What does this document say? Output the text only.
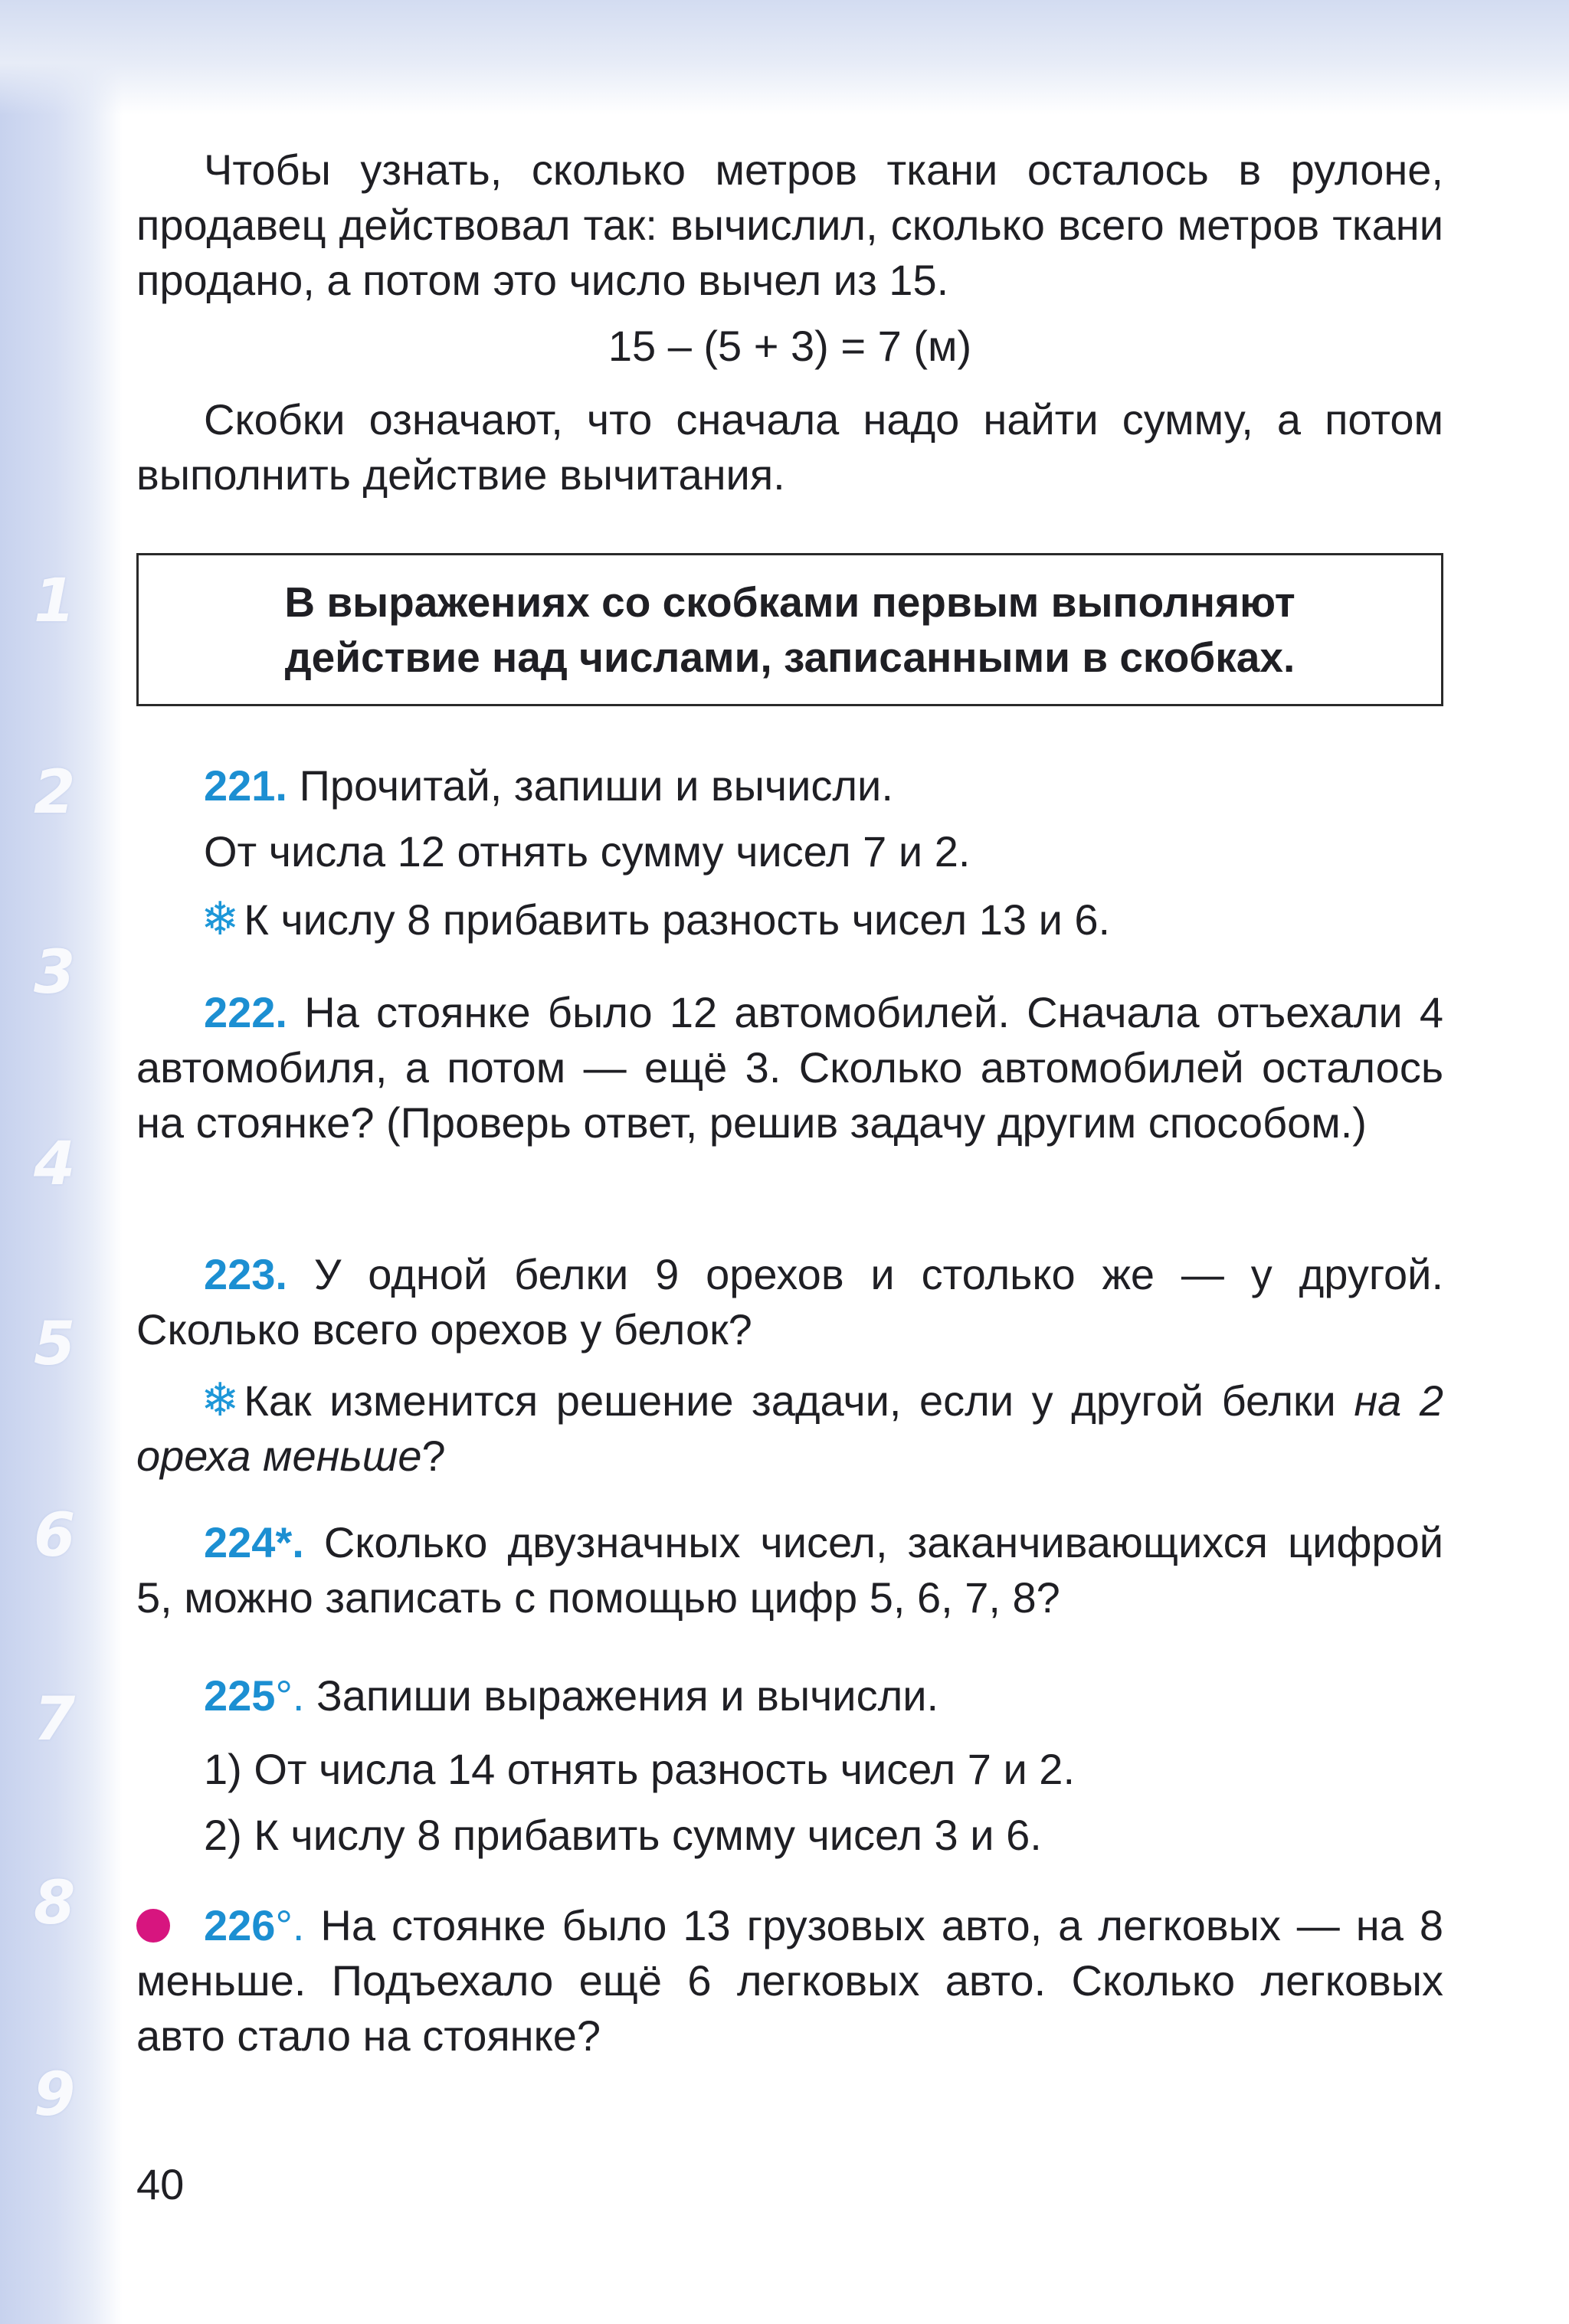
1
2
3
4
5
6
7
8
9
Чтобы узнать, сколько метров ткани осталось в рулоне, продавец действовал так: вычислил, сколько всего метров ткани продано, а потом это число вычел из 15.
15 – (5 + 3) = 7 (м)
Скобки означают, что сначала надо найти сумму, а потом выполнить действие вычитания.
В выражениях со скобками первым выполняют действие над числами, записанными в скобках.
221. Прочитай, запиши и вычисли.
От числа 12 отнять сумму чисел 7 и 2.
❄ К числу 8 прибавить разность чисел 13 и 6.
222. На стоянке было 12 автомобилей. Сначала отъехали 4 автомобиля, а потом — ещё 3. Сколько автомобилей осталось на стоянке? (Проверь ответ, решив задачу другим способом.)
223. У одной белки 9 орехов и столько же — у другой. Сколько всего орехов у белок?
❄ Как изменится решение задачи, если у другой белки на 2 ореха меньше?
224*. Сколько двузначных чисел, заканчивающихся цифрой 5, можно записать с помощью цифр 5, 6, 7, 8?
225°. Запиши выражения и вычисли.
1) От числа 14 отнять разность чисел 7 и 2.
2) К числу 8 прибавить сумму чисел 3 и 6.
226°. На стоянке было 13 грузовых авто, а легковых — на 8 меньше. Подъехало ещё 6 легковых авто. Сколько легковых авто стало на стоянке?
40
